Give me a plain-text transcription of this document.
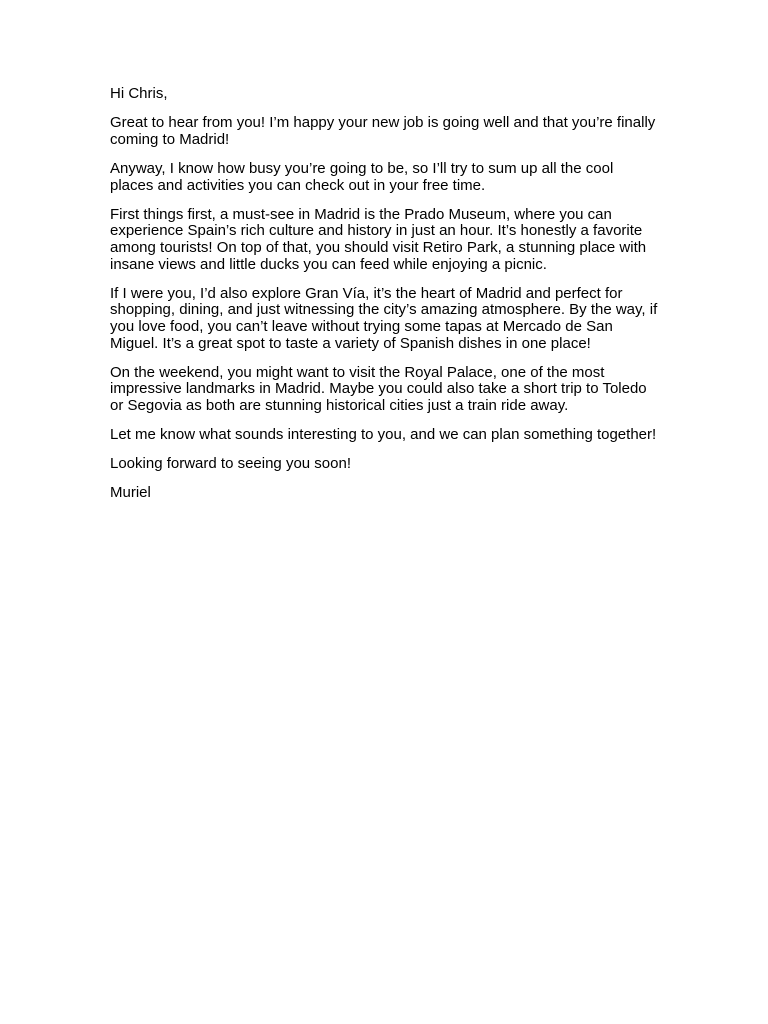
Hi Chris,

Great to hear from you! I’m happy your new job is going well and that you’re finally coming to Madrid!

Anyway, I know how busy you’re going to be, so I’ll try to sum up all the cool places and activities you can check out in your free time.

First things first, a must-see in Madrid is the Prado Museum, where you can experience Spain’s rich culture and history in just an hour. It’s honestly a favorite among tourists! On top of that, you should visit Retiro Park, a stunning place with insane views and little ducks you can feed while enjoying a picnic.

If I were you, I’d also explore Gran Vía, it’s the heart of Madrid and perfect for shopping, dining, and just witnessing the city’s amazing atmosphere. By the way, if you love food, you can’t leave without trying some tapas at Mercado de San Miguel. It’s a great spot to taste a variety of Spanish dishes in one place!

On the weekend, you might want to visit the Royal Palace, one of the most impressive landmarks in Madrid. Maybe you could also take a short trip to Toledo or Segovia as both are stunning historical cities just a train ride away.

Let me know what sounds interesting to you, and we can plan something together!

Looking forward to seeing you soon!

Muriel
